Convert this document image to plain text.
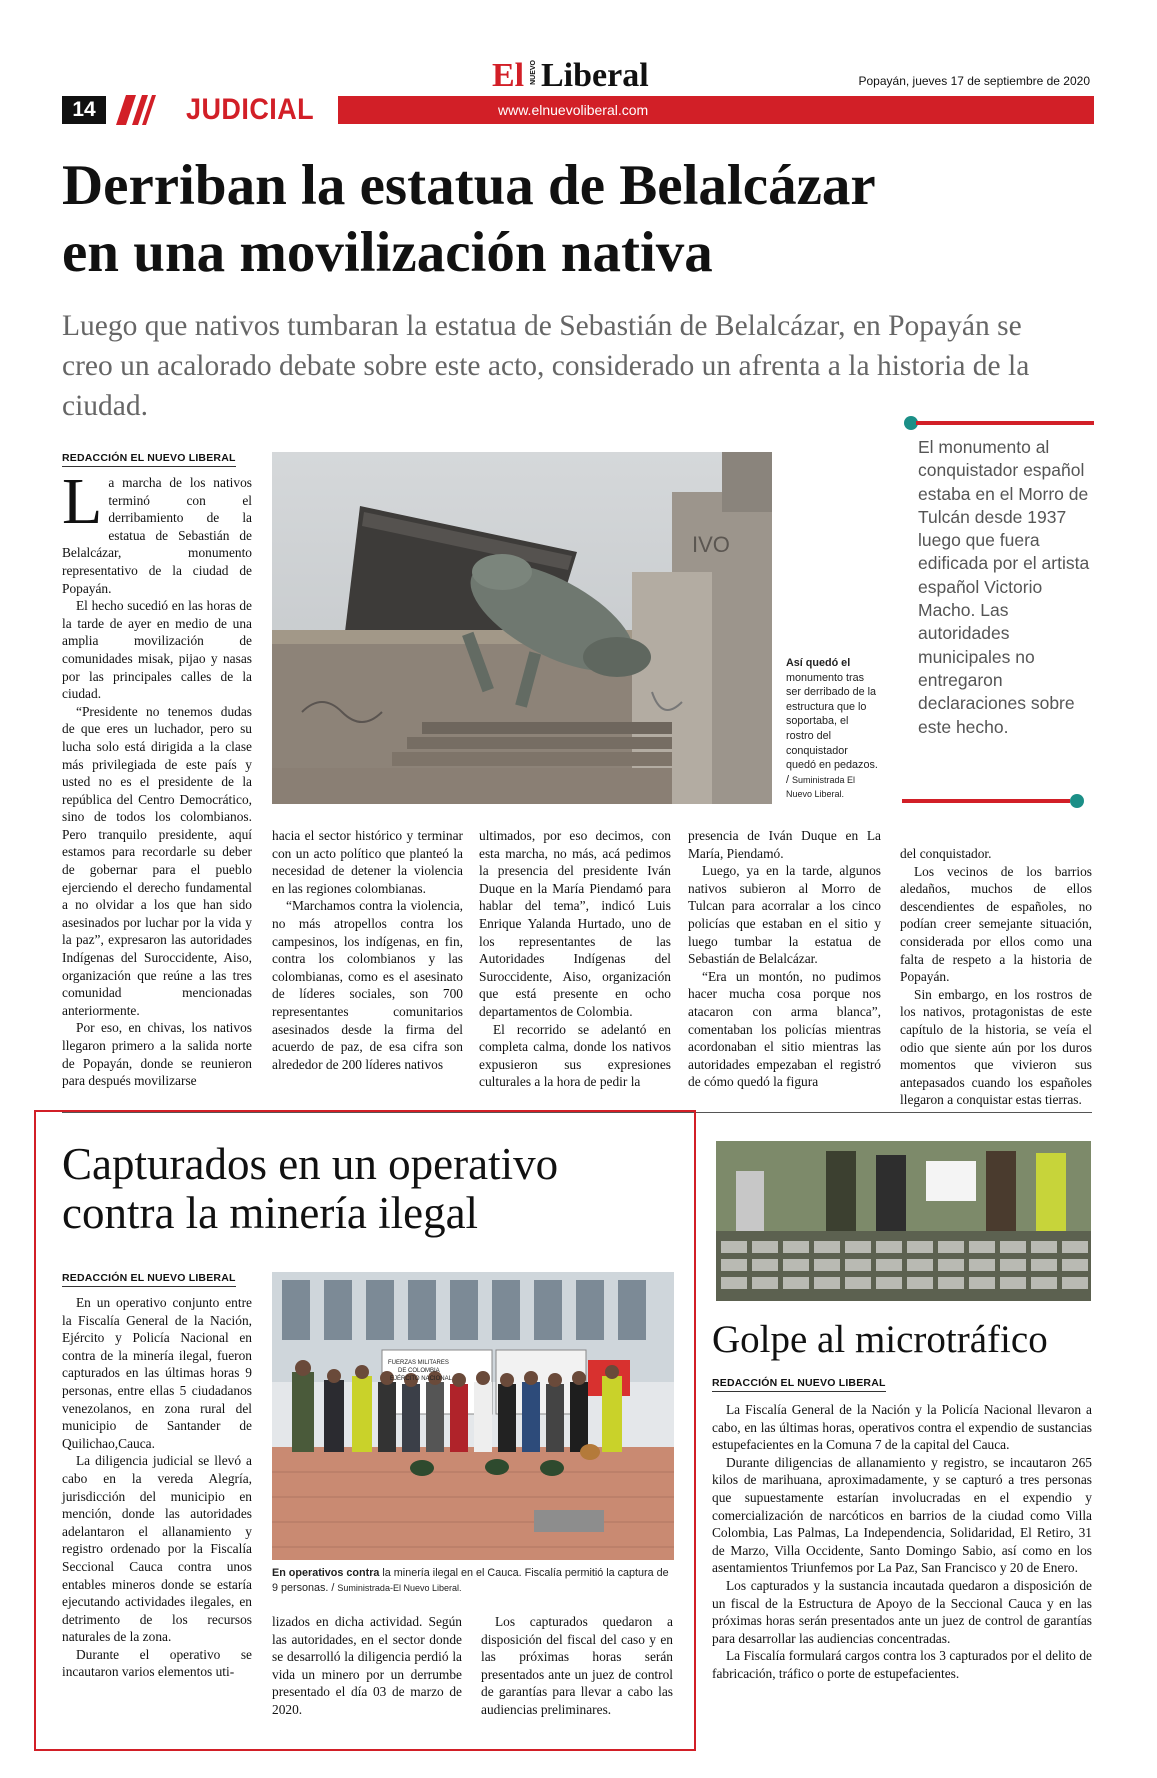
14	JUDICIAL
El NUEVO Liberal	Popayán, jueves 17 de septiembre de 2020
www.elnuevoliberal.com
Derriban la estatua de Belalcázar
en una movilización nativa
Luego que nativos tumbaran la estatua de Sebastián de Belalcázar, en Popayán se creo un acalorado debate sobre este acto, considerado un afrenta a la historia de la ciudad.
REDACCIÓN EL NUEVO LIBERAL

La marcha de los nativos terminó con el derribamiento de la estatua de Sebastián de Belalcázar, monumento representativo de la ciudad de Popayán.

El hecho sucedió en las horas de la tarde de ayer en medio de una amplia movilización de comunidades misak, pijao y nasas por las principales calles de la ciudad.

“Presidente no tenemos dudas de que eres un luchador, pero su lucha solo está dirigida a la clase más privilegiada de este país y usted no es el presidente de la república del Centro Democrático, sino de todos los colombianos. Pero tranquilo presidente, aquí estamos para recordarle su deber de gobernar para el pueblo ejerciendo el derecho fundamental a no olvidar a los que han sido asesinados por luchar por la vida y la paz”, expresaron las autoridades Indígenas del Suroccidente, Aiso, organización que reúne a las tres comunidad mencionadas anteriormente.

Por eso, en chivas, los nativos llegaron primero a la salida norte de Popayán, donde se reunieron para después movilizarse

IVO
Así quedó el monumento tras ser derribado de la estructura que lo soportaba, el rostro del conquistador quedó en pedazos. / Suministrada El Nuevo Liberal.
El monumento al conquistador español estaba en el Morro de Tulcán desde 1937 luego que fuera edificada por el artista español Victorio Macho. Las autoridades municipales no entregaron declaraciones sobre este hecho.

hacia el sector histórico y terminar con un acto político que planteó la necesidad de detener la violencia en las regiones colombianas.

“Marchamos contra la violencia, no más atropellos contra los campesinos, los indígenas, en fin, contra los colombianos y las colombianas, como es el asesinato de líderes sociales, son 700 representantes comunitarios asesinados desde la firma del acuerdo de paz, de esa cifra son alrededor de 200 líderes nativos

ultimados, por eso decimos, con esta marcha, no más, acá pedimos la presencia del presidente Iván Duque en la María Piendamó para hablar del tema”, indicó Luis Enrique Yalanda Hurtado, uno de los representantes de las Autoridades Indígenas del Suroccidente, Aiso, organización que está presente en ocho departamentos de Colombia.

El recorrido se adelantó en completa calma, donde los nativos expusieron sus expresiones culturales a la hora de pedir la

presencia de Iván Duque en La María, Piendamó.

Luego, ya en la tarde, algunos nativos subieron al Morro de Tulcan para acorralar a los cinco policías que estaban en el sitio y luego tumbar la estatua de Sebastián de Belalcázar.

“Era un montón, no pudimos hacer mucha cosa porque nos atacaron con arma blanca”, comentaban los policías mientras acordonaban el sitio mientras las autoridades empezaban el registró de cómo quedó la figura

del conquistador.

Los vecinos de los barrios aledaños, muchos de ellos descendientes de españoles, no podían creer semejante situación, considerada por ellos como una falta de respeto a la historia de Popayán.

Sin embargo, en los rostros de los nativos, protagonistas de este capítulo de la historia, se veía el odio que siente aún por los duros momentos que vivieron sus antepasados cuando los españoles llegaron a conquistar estas tierras.

Capturados en un operativo
contra la minería ilegal
REDACCIÓN EL NUEVO LIBERAL

En un operativo conjunto entre la Fiscalía General de la Nación, Ejército y Policía Nacional en contra de la minería ilegal, fueron capturados en las últimas horas 9 personas, entre ellas 5 ciudadanos venezolanos, en zona rural del municipio de Santander de Quilichao,Cauca.

La diligencia judicial se llevó a cabo en la vereda Alegría, jurisdicción del municipio en mención, donde las autoridades adelantaron el allanamiento y registro ordenado por la Fiscalía Seccional Cauca contra unos entables mineros donde se estaría ejecutando actividades ilegales, en detrimento de los recursos naturales de la zona.

Durante el operativo se incautaron varios elementos uti-

FUERZAS MILITARES
DE COLOMBIA
EJÉRCITO NACIONAL
En operativos contra la minería ilegal en el Cauca. Fiscalía permitió la captura de 9 personas. / Suministrada-El Nuevo Liberal.

lizados en dicha actividad. Según las autoridades, en el sector donde se desarrolló la diligencia perdió la vida un minero por un derrumbe presentado el día 03 de marzo de 2020.

Los capturados quedaron a disposición del fiscal del caso y en las próximas horas serán presentados ante un juez de control de garantías para llevar a cabo las audiencias preliminares.

Golpe al microtráfico
REDACCIÓN EL NUEVO LIBERAL

La Fiscalía General de la Nación y la Policía Nacional llevaron a cabo, en las últimas horas, operativos contra el expendio de sustancias estupefacientes en la Comuna 7 de la capital del Cauca.

Durante diligencias de allanamiento y registro, se incautaron 265 kilos de marihuana, aproximadamente, y se capturó a tres personas que supuestamente estarían involucradas en el expendio y comercialización de narcóticos en barrios de la ciudad como Villa Colombia, Las Palmas, La Independencia, Solidaridad, El Retiro, 31 de Marzo, Villa Occidente, Santo Domingo Sabio, así como en los asentamientos Triunfemos por La Paz, San Francisco y 20 de Enero.

Los capturados y la sustancia incautada quedaron a disposición de un fiscal de la Estructura de Apoyo de la Seccional Cauca y en las próximas horas serán presentados ante un juez de control de garantías para desarrollar las audiencias concentradas.

La Fiscalía formulará cargos contra los 3 capturados por el delito de fabricación, tráfico o porte de estupefacientes.
